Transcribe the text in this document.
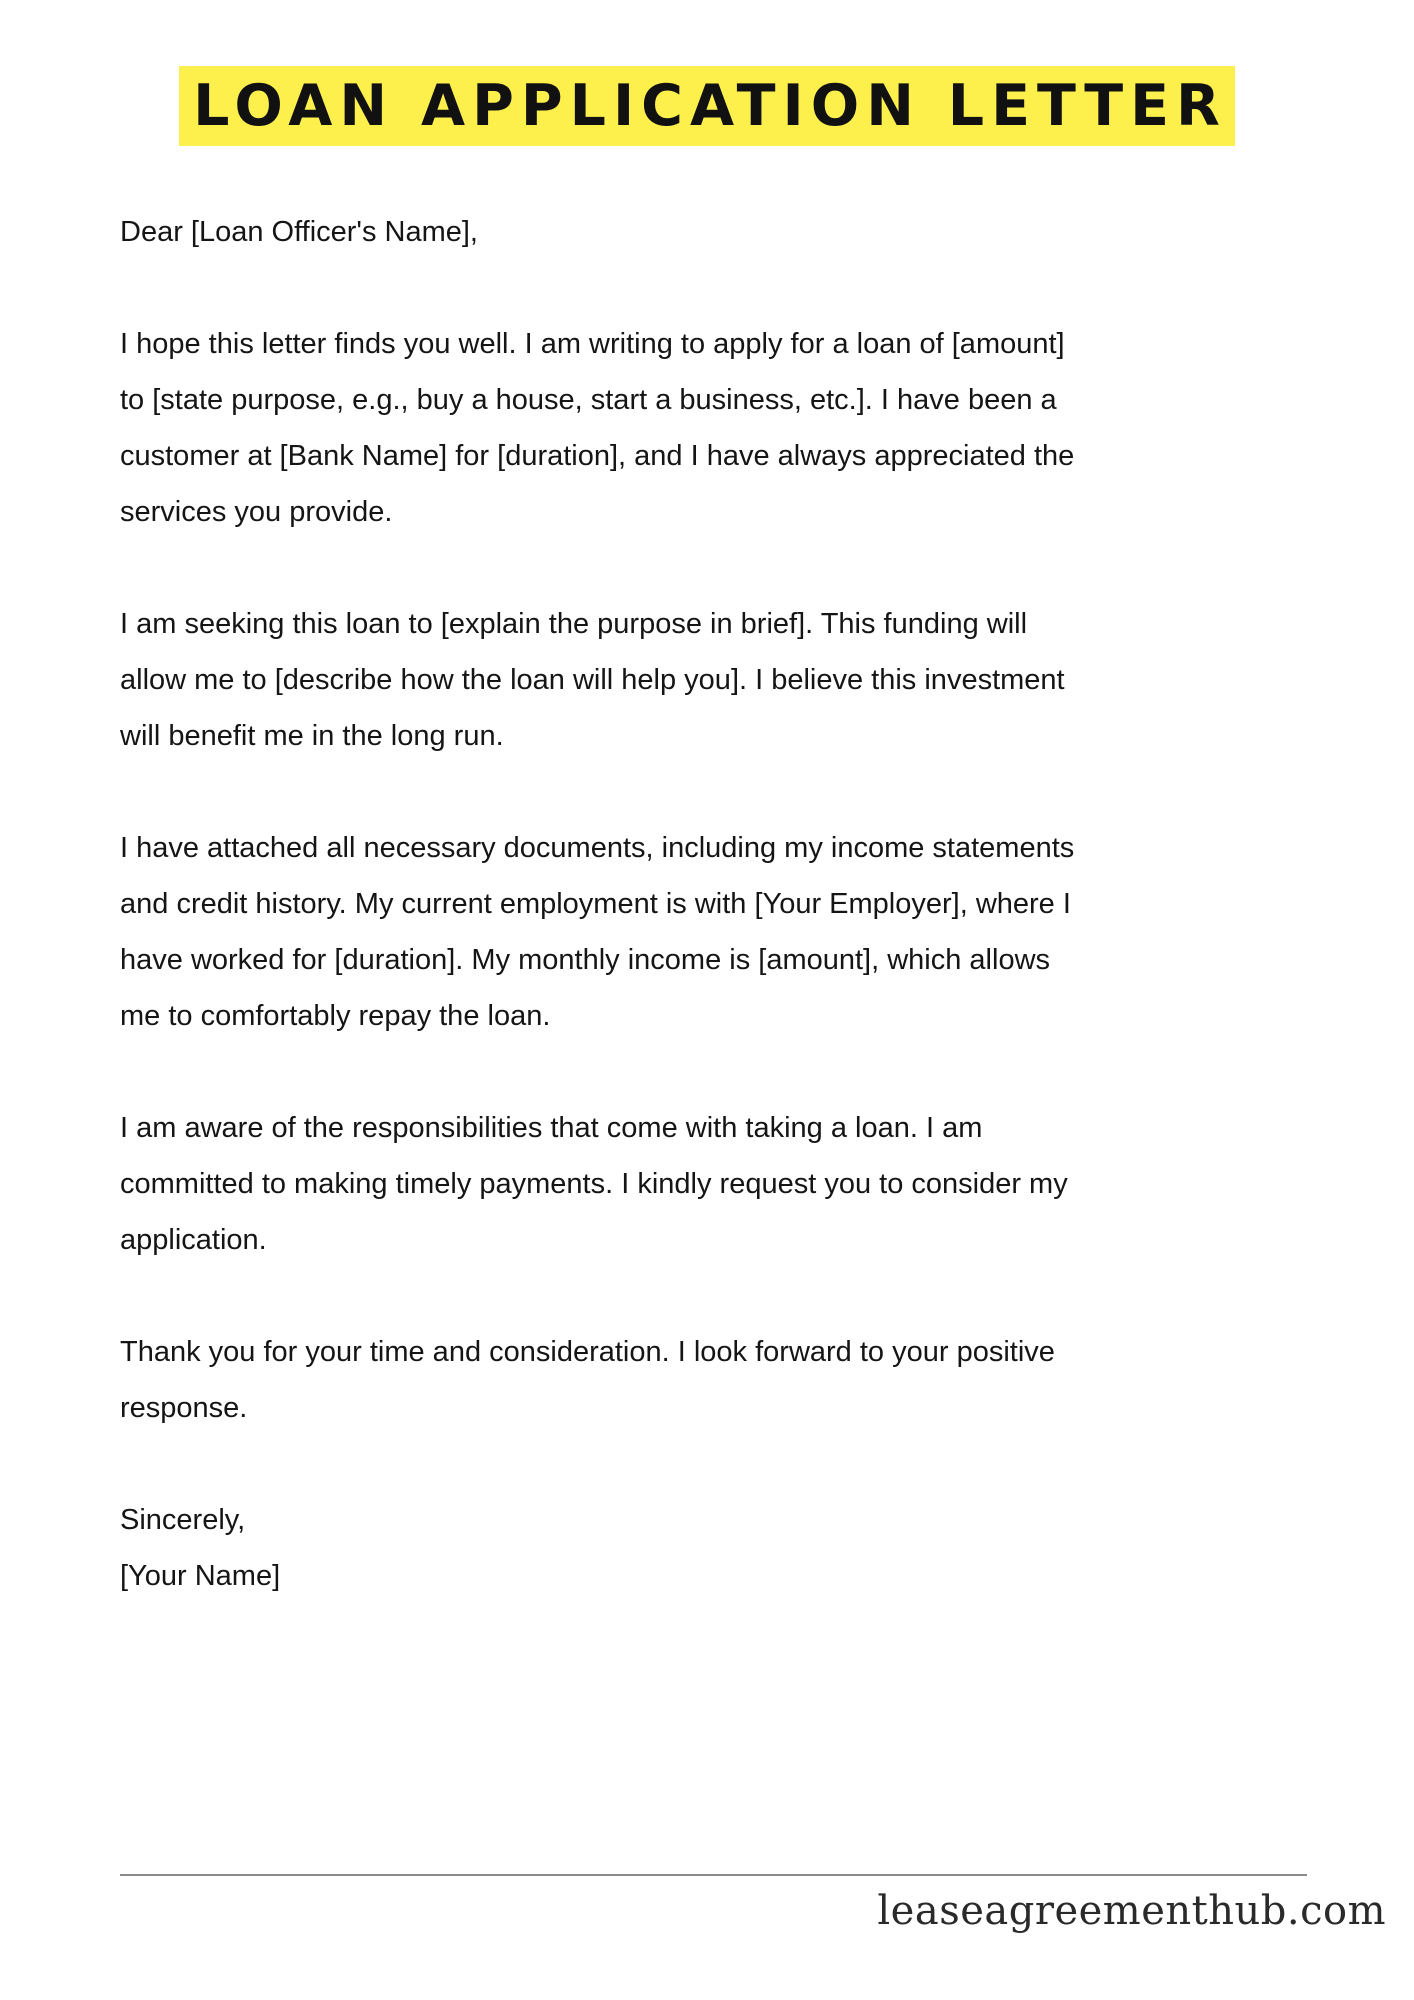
LOAN APPLICATION LETTER

Dear [Loan Officer's Name],

I hope this letter finds you well. I am writing to apply for a loan of [amount]
to [state purpose, e.g., buy a house, start a business, etc.]. I have been a
customer at [Bank Name] for [duration], and I have always appreciated the
services you provide.

I am seeking this loan to [explain the purpose in brief]. This funding will
allow me to [describe how the loan will help you]. I believe this investment
will benefit me in the long run.

I have attached all necessary documents, including my income statements
and credit history. My current employment is with [Your Employer], where I
have worked for [duration]. My monthly income is [amount], which allows
me to comfortably repay the loan.

I am aware of the responsibilities that come with taking a loan. I am
committed to making timely payments. I kindly request you to consider my
application.

Thank you for your time and consideration. I look forward to your positive
response.

Sincerely,
[Your Name]

leaseagreementhub.com
